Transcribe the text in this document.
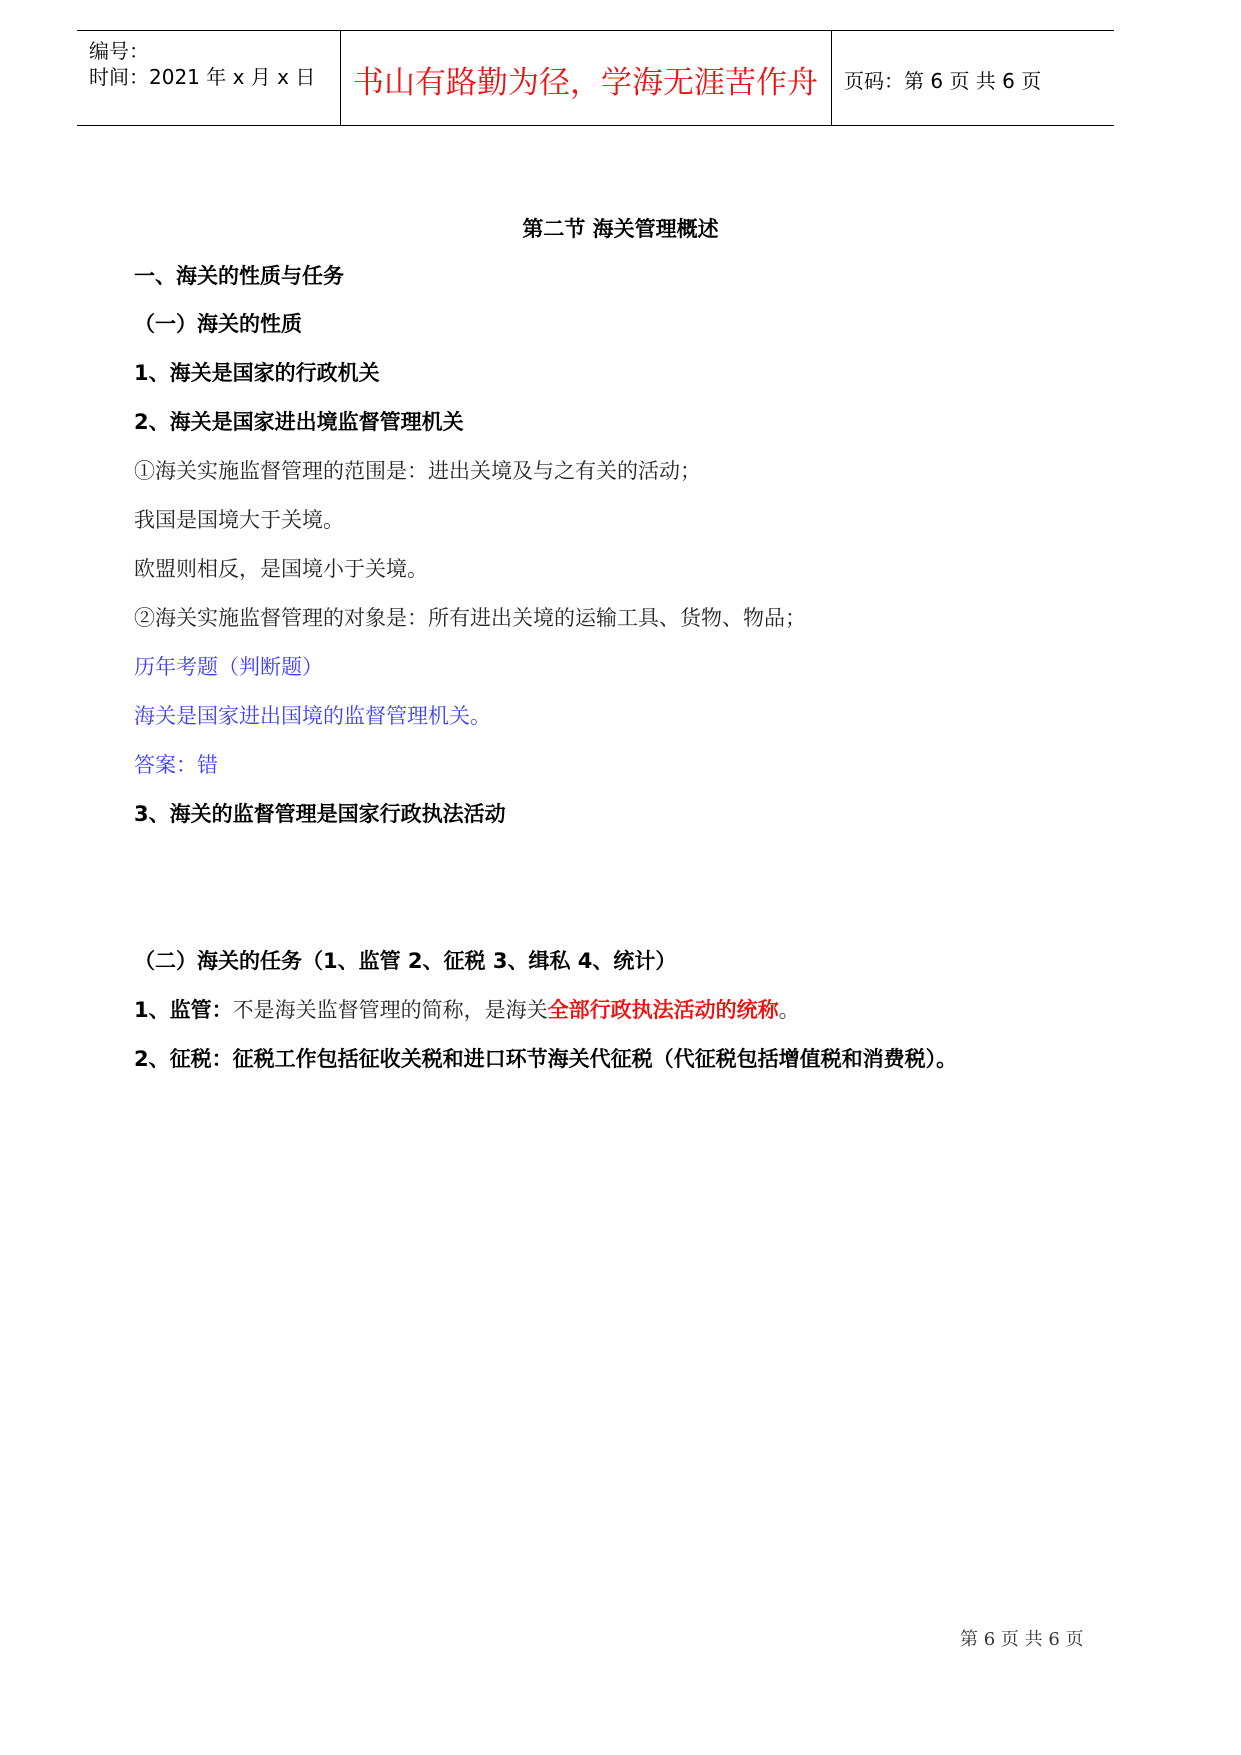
编号：
时间：2021 年 x 月 x 日	书山有路勤为径，学海无涯苦作舟	页码：第 6 页 共 6 页
第二节 海关管理概述
一、海关的性质与任务
（一）海关的性质
1、海关是国家的行政机关
2、海关是国家进出境监督管理机关
①海关实施监督管理的范围是：进出关境及与之有关的活动；
我国是国境大于关境。
欧盟则相反，是国境小于关境。
②海关实施监督管理的对象是：所有进出关境的运输工具、货物、物品；
历年考题（判断题）
海关是国家进出国境的监督管理机关。
答案：错
3、海关的监督管理是国家行政执法活动
（二）海关的任务（1、监管 2、征税 3、缉私 4、统计）
1、监管：不是海关监督管理的简称，是海关全部行政执法活动的统称。
2、征税：征税工作包括征收关税和进口环节海关代征税（代征税包括增值税和消费税）。
第 6 页 共 6 页
